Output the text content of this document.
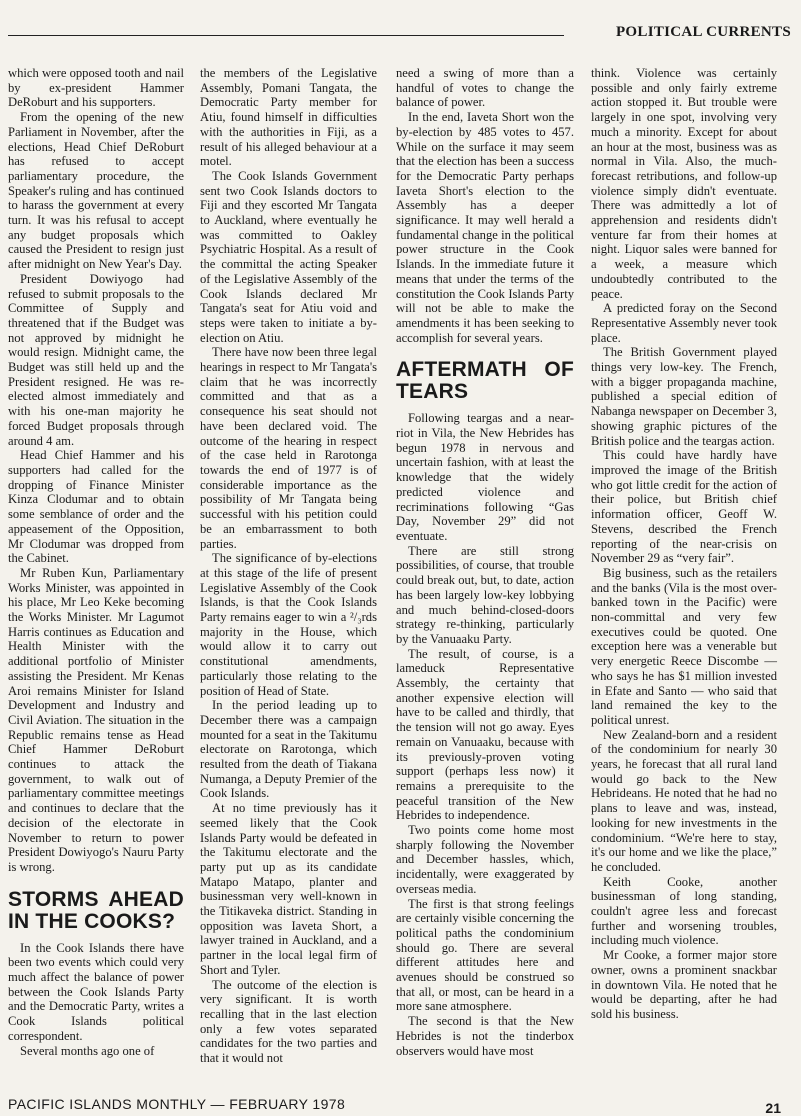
POLITICAL CURRENTS

which were opposed tooth and nail by ex-president Hammer DeRoburt and his supporters.

From the opening of the new Parliament in November, after the elections, Head Chief DeRoburt has refused to accept parliamentary procedure, the Speaker's ruling and has continued to harass the government at every turn. It was his refusal to accept any budget proposals which caused the President to resign just after midnight on New Year's Day.

President Dowiyogo had refused to submit proposals to the Committee of Supply and threatened that if the Budget was not approved by midnight he would resign. Midnight came, the Budget was still held up and the President resigned. He was re-elected almost immediately and with his one-man majority he forced Budget proposals through around 4 am.

Head Chief Hammer and his supporters had called for the dropping of Finance Minister Kinza Clodumar and to obtain some semblance of order and the appeasement of the Opposition, Mr Clodumar was dropped from the Cabinet.

Mr Ruben Kun, Parliamentary Works Minister, was appointed in his place, Mr Leo Keke becoming the Works Minister. Mr Lagumot Harris continues as Education and Health Minister with the additional portfolio of Minister assisting the President. Mr Kenas Aroi remains Minister for Island Development and Industry and Civil Aviation. The situation in the Republic remains tense as Head Chief Hammer DeRoburt continues to attack the government, to walk out of parliamentary committee meetings and continues to declare that the decision of the electorate in November to return to power President Dowiyogo's Nauru Party is wrong.

STORMS AHEAD IN THE COOKS?

In the Cook Islands there have been two events which could very much affect the balance of power between the Cook Islands Party and the Democratic Party, writes a Cook Islands political correspondent.

Several months ago one of

the members of the Legislative Assembly, Pomani Tangata, the Democratic Party member for Atiu, found himself in difficulties with the authorities in Fiji, as a result of his alleged behaviour at a motel.

The Cook Islands Government sent two Cook Islands doctors to Fiji and they escorted Mr Tangata to Auckland, where eventually he was committed to Oakley Psychiatric Hospital. As a result of the committal the acting Speaker of the Legislative Assembly of the Cook Islands declared Mr Tangata's seat for Atiu void and steps were taken to initiate a by-election on Atiu.

There have now been three legal hearings in respect to Mr Tangata's claim that he was incorrectly committed and that as a consequence his seat should not have been declared void. The outcome of the hearing in respect of the case held in Rarotonga towards the end of 1977 is of considerable importance as the possibility of Mr Tangata being successful with his petition could be an embarrassment to both parties.

The significance of by-elections at this stage of the life of present Legislative Assembly of the Cook Islands, is that the Cook Islands Party remains eager to win a ²/₃rds majority in the House, which would allow it to carry out constitutional amendments, particularly those relating to the position of Head of State.

In the period leading up to December there was a campaign mounted for a seat in the Takitumu electorate on Rarotonga, which resulted from the death of Tiakana Numanga, a Deputy Premier of the Cook Islands.

At no time previously has it seemed likely that the Cook Islands Party would be defeated in the Takitumu electorate and the party put up as its candidate Matapo Matapo, planter and businessman very well-known in the Titikaveka district. Standing in opposition was Iaveta Short, a lawyer trained in Auckland, and a partner in the local legal firm of Short and Tyler.

The outcome of the election is very significant. It is worth recalling that in the last election only a few votes separated candidates for the two parties and that it would not

need a swing of more than a handful of votes to change the balance of power.

In the end, Iaveta Short won the by-election by 485 votes to 457. While on the surface it may seem that the election has been a success for the Democratic Party perhaps Iaveta Short's election to the Assembly has a deeper significance. It may well herald a fundamental change in the political power structure in the Cook Islands. In the immediate future it means that under the terms of the constitution the Cook Islands Party will not be able to make the amendments it has been seeking to accomplish for several years.

AFTERMATH OF TEARS

Following teargas and a near-riot in Vila, the New Hebrides has begun 1978 in nervous and uncertain fashion, with at least the knowledge that the widely predicted violence and recriminations following “Gas Day, November 29” did not eventuate.

There are still strong possibilities, of course, that trouble could break out, but, to date, action has been largely low-key lobbying and much behind-closed-doors strategy re-thinking, particularly by the Vanuaaku Party.

The result, of course, is a lameduck Representative Assembly, the certainty that another expensive election will have to be called and thirdly, that the tension will not go away. Eyes remain on Vanuaaku, because with its previously-proven voting support (perhaps less now) it remains a prerequisite to the peaceful transition of the New Hebrides to independence.

Two points come home most sharply following the November and December hassles, which, incidentally, were exaggerated by overseas media.

The first is that strong feelings are certainly visible concerning the political paths the condominium should go. There are several different attitudes here and avenues should be construed so that all, or most, can be heard in a more sane atmosphere.

The second is that the New Hebrides is not the tinderbox observers would have most

think. Violence was certainly possible and only fairly extreme action stopped it. But trouble were largely in one spot, involving very much a minority. Except for about an hour at the most, business was as normal in Vila. Also, the much-forecast retributions, and follow-up violence simply didn't eventuate. There was admittedly a lot of apprehension and residents didn't venture far from their homes at night. Liquor sales were banned for a week, a measure which undoubtedly contributed to the peace.

A predicted foray on the Second Representative Assembly never took place.

The British Government played things very low-key. The French, with a bigger propaganda machine, published a special edition of Nabanga newspaper on December 3, showing graphic pictures of the British police and the teargas action.

This could have hardly have improved the image of the British who got little credit for the action of their police, but British chief information officer, Geoff W. Stevens, described the French reporting of the near-crisis on November 29 as “very fair”.

Big business, such as the retailers and the banks (Vila is the most over-banked town in the Pacific) were non-committal and very few executives could be quoted. One exception here was a venerable but very energetic Reece Discombe — who says he has $1 million invested in Efate and Santo — who said that land remained the key to the political unrest.

New Zealand-born and a resident of the condominium for nearly 30 years, he forecast that all rural land would go back to the New Hebrideans. He noted that he had no plans to leave and was, instead, looking for new investments in the condominium. “We're here to stay, it's our home and we like the place,” he concluded.

Keith Cooke, another businessman of long standing, couldn't agree less and forecast further and worsening troubles, including much violence.

Mr Cooke, a former major store owner, owns a prominent snackbar in downtown Vila. He noted that he would be departing, after he had sold his business.

PACIFIC ISLANDS MONTHLY — FEBRUARY 1978	21
